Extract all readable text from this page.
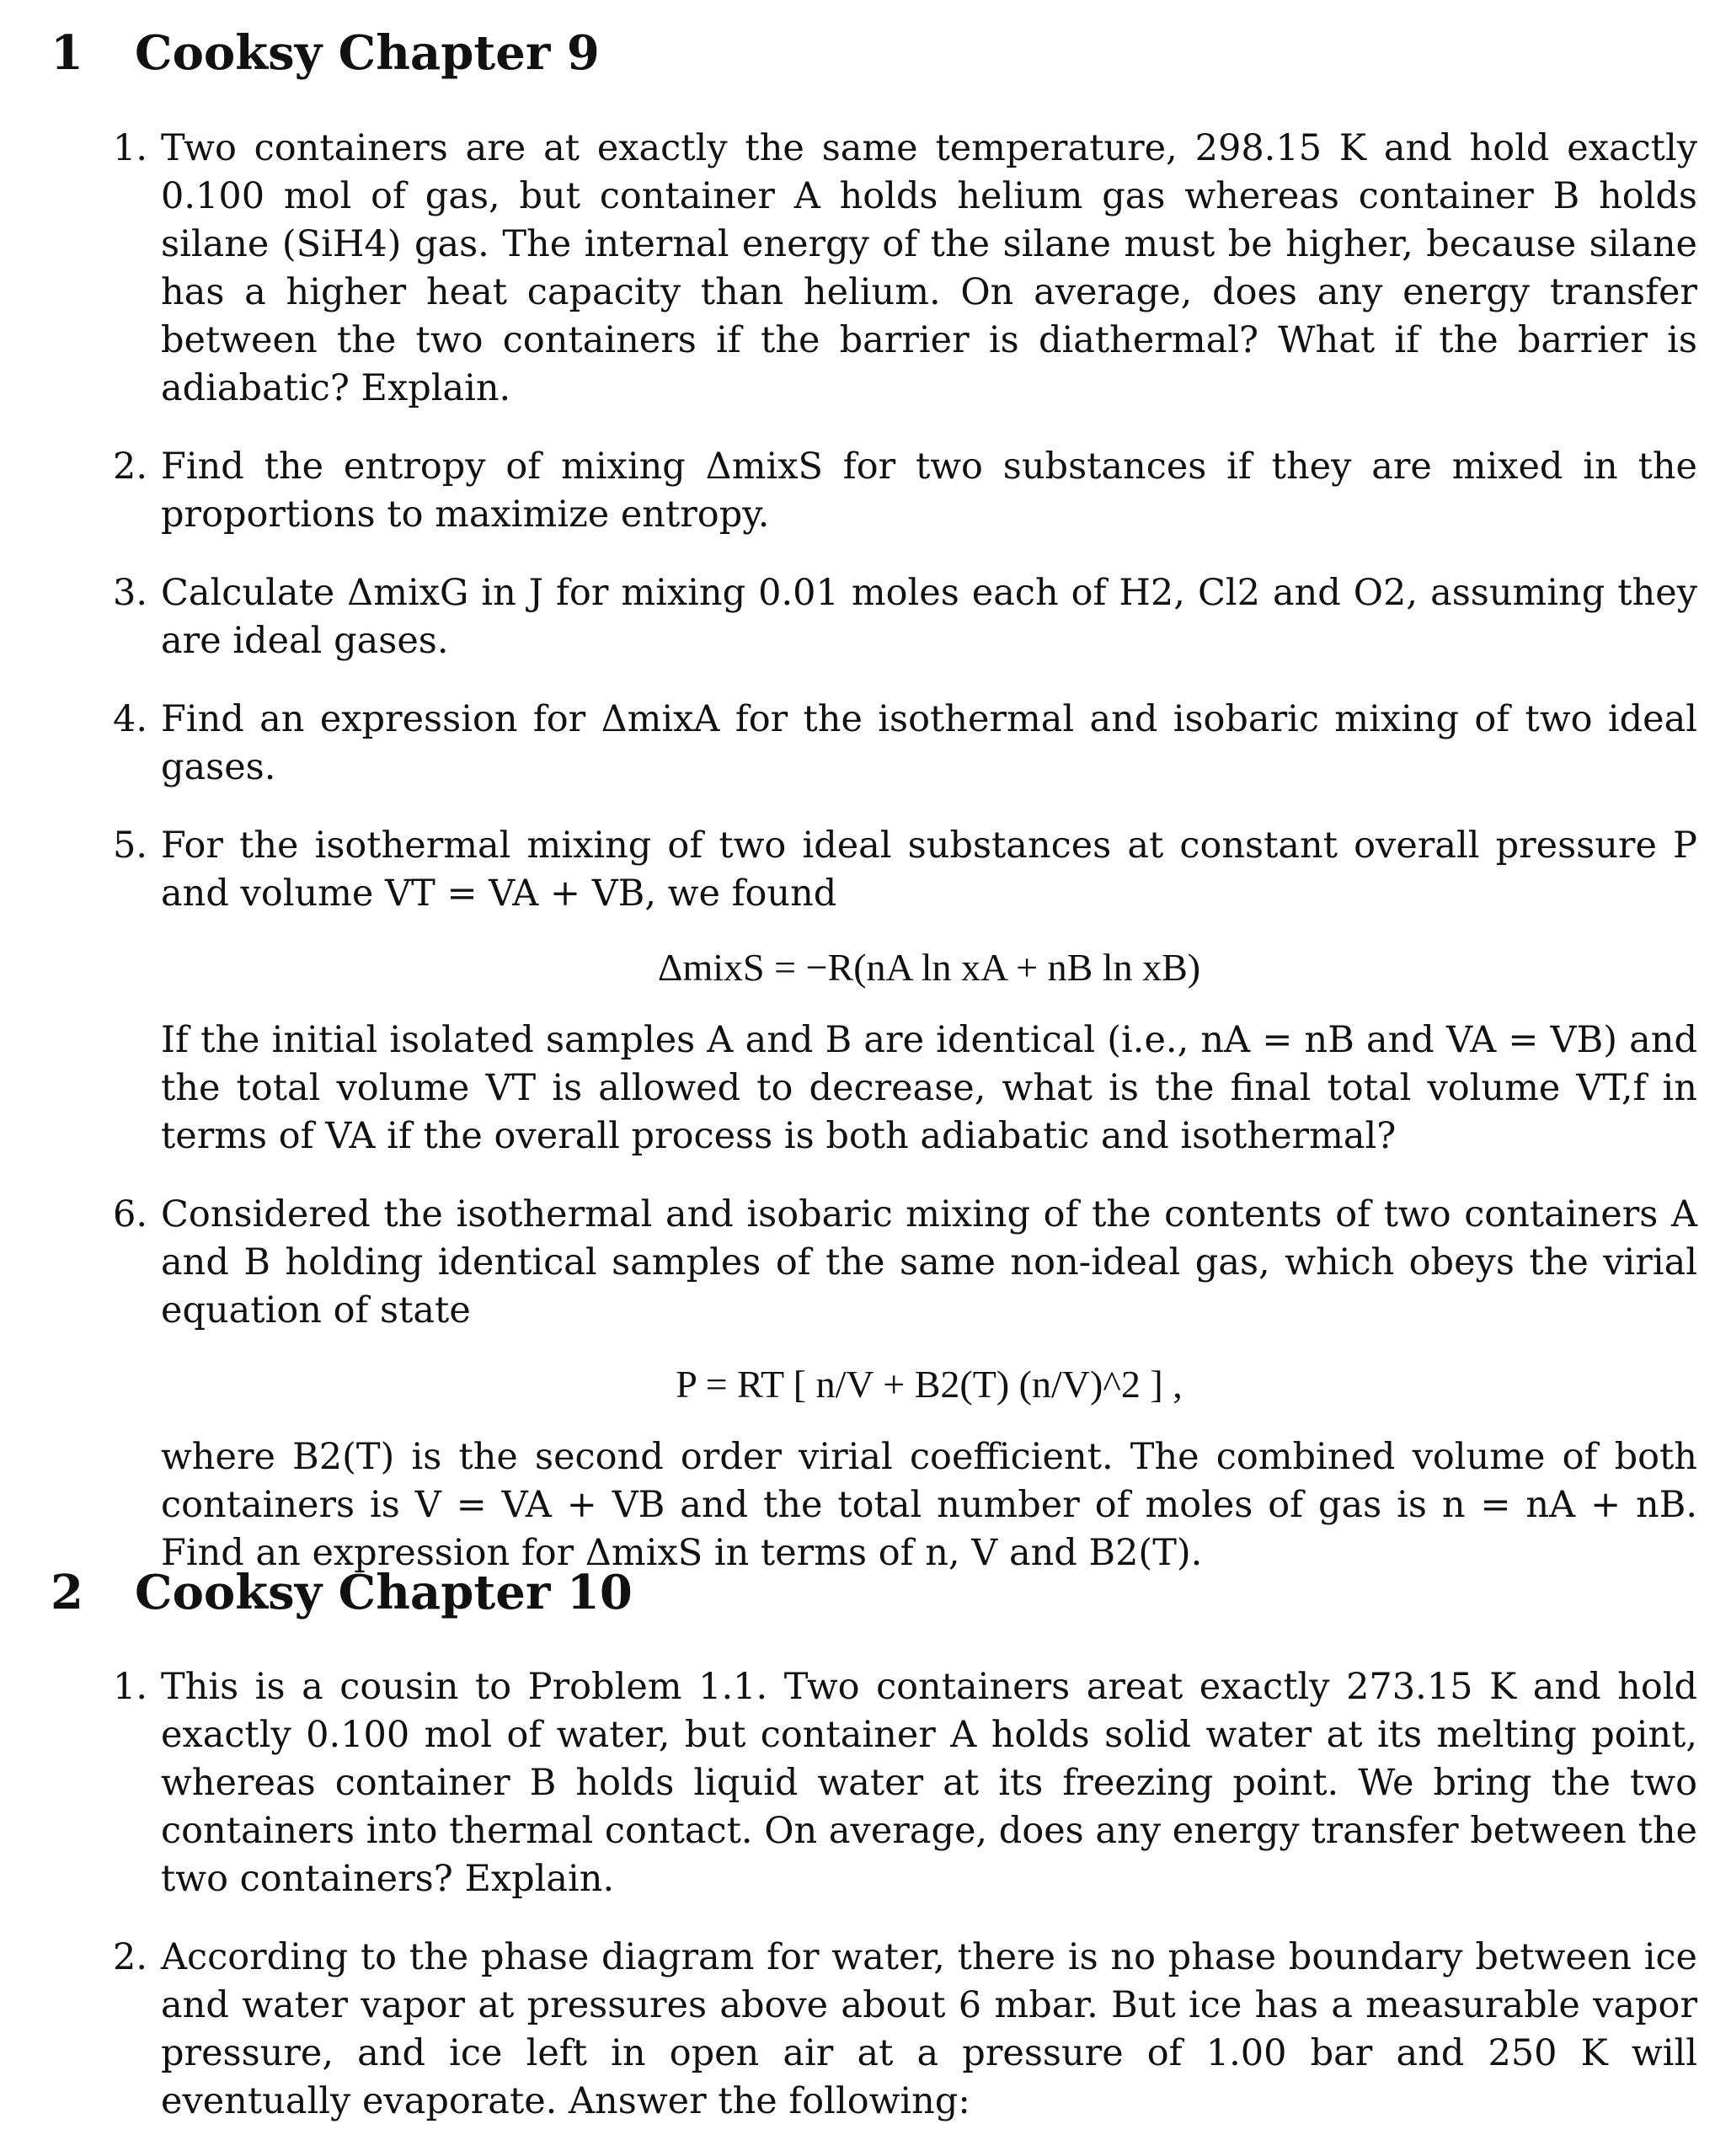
1	Cooksy Chapter 9
1. Two containers are at exactly the same temperature, 298.15 K and hold exactly 0.100 mol of gas, but container A holds helium gas whereas container B holds silane (SiH4) gas. The internal energy of the silane must be higher, because silane has a higher heat capacity than helium. On average, does any energy transfer between the two containers if the barrier is diathermal? What if the barrier is adiabatic? Explain.

2. Find the entropy of mixing ΔmixS for two substances if they are mixed in the proportions to maximize entropy.

3. Calculate ΔmixG in J for mixing 0.01 moles each of H2, Cl2 and O2, assuming they are ideal gases.

4. Find an expression for ΔmixA for the isothermal and isobaric mixing of two ideal gases.

5. For the isothermal mixing of two ideal substances at constant overall pressure P and volume VT = VA + VB, we found

ΔmixS = −R(nA ln xA + nB ln xB)

If the initial isolated samples A and B are identical (i.e., nA = nB and VA = VB) and the total volume VT is allowed to decrease, what is the final total volume VT,f in terms of VA if the overall process is both adiabatic and isothermal?

6. Considered the isothermal and isobaric mixing of the contents of two containers A and B holding identical samples of the same non-ideal gas, which obeys the virial equation of state

P = RT [ n/V + B2(T) (n/V)^2 ] ,

where B2(T) is the second order virial coefficient. The combined volume of both containers is V = VA + VB and the total number of moles of gas is n = nA + nB. Find an expression for ΔmixS in terms of n, V and B2(T).

2	Cooksy Chapter 10
1. This is a cousin to Problem 1.1. Two containers areat exactly 273.15 K and hold exactly 0.100 mol of water, but container A holds solid water at its melting point, whereas container B holds liquid water at its freezing point. We bring the two containers into thermal contact. On average, does any energy transfer between the two containers? Explain.

2. According to the phase diagram for water, there is no phase boundary between ice and water vapor at pressures above about 6 mbar. But ice has a measurable vapor pressure, and ice left in open air at a pressure of 1.00 bar and 250 K will eventually evaporate. Answer the following:
